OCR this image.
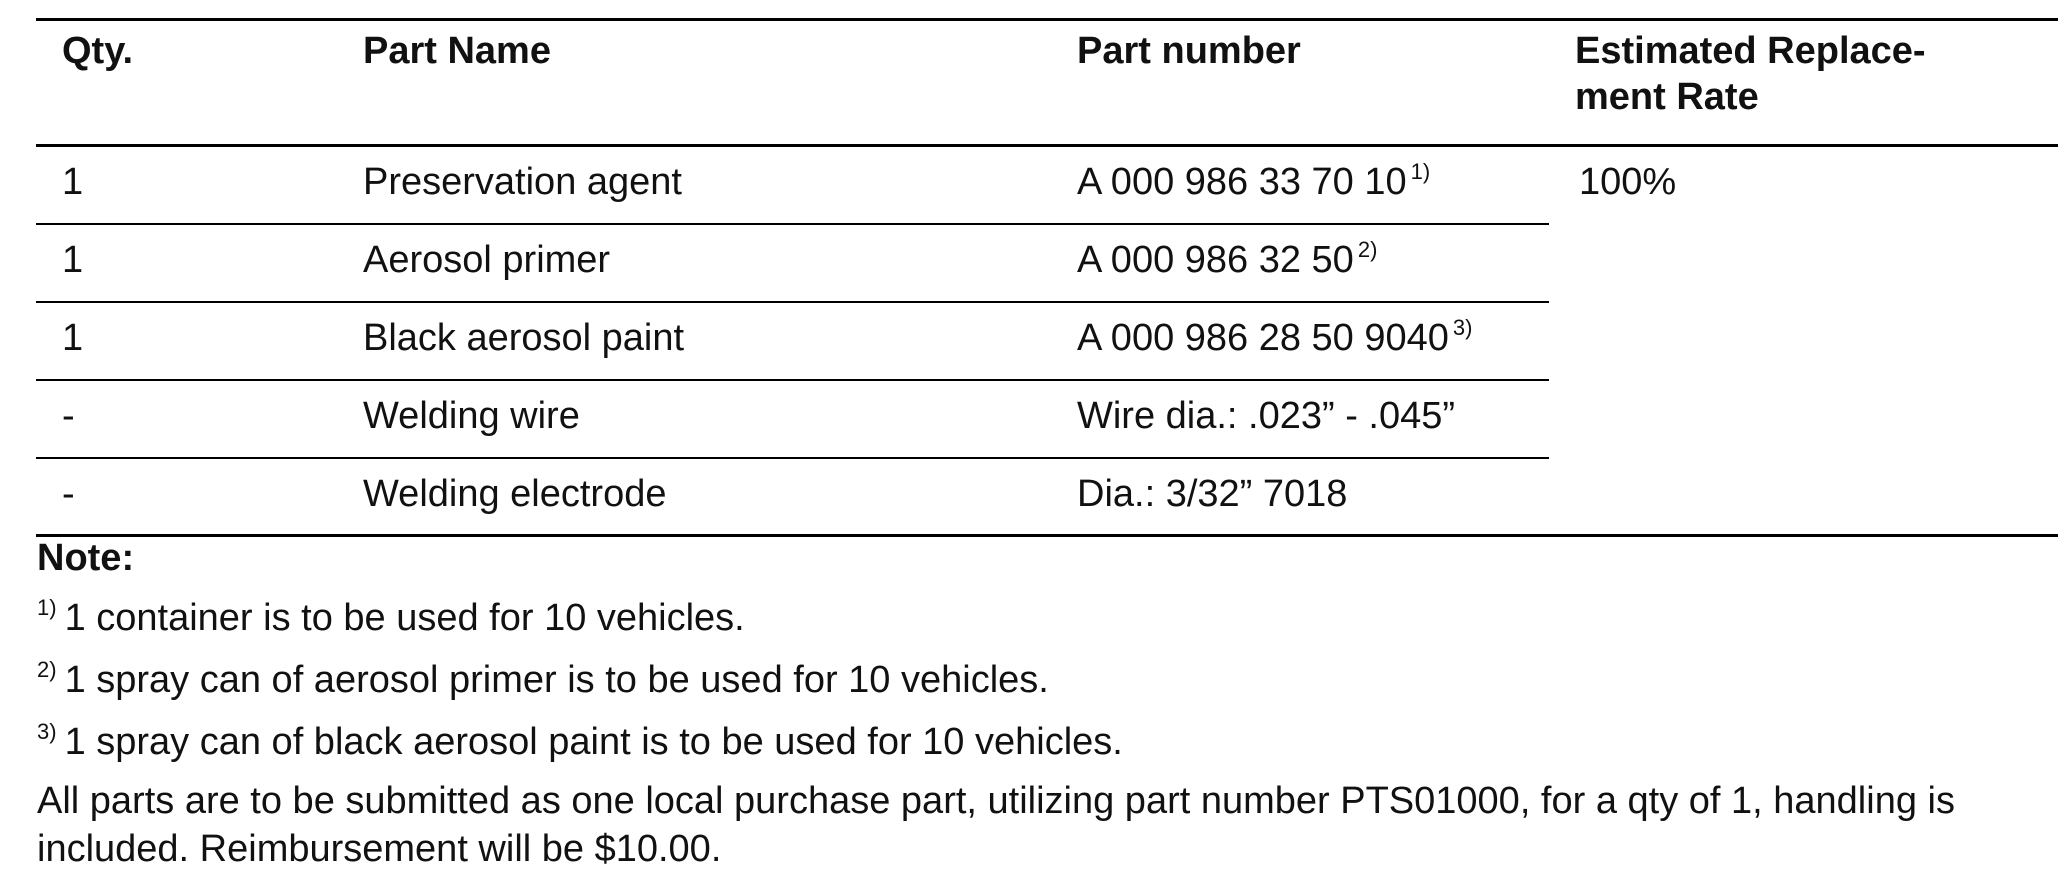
Qty.	Part Name	Part number	Estimated Replace-ment Rate
1	Preservation agent	A 000 986 33 70 10 $^{1)}$	100%
1	Aerosol primer	A 000 986 32 50 $^{2)}$
1	Black aerosol paint	A 000 986 28 50 9040 $^{3)}$
-	Welding wire	Wire dia.: .023” - .045”	
-	Welding electrode	Dia.: 3/32” 7018	
Note:
$^{1)}$ 1 container is to be used for 10 vehicles.
$^{2)}$ 1 spray can of aerosol primer is to be used for 10 vehicles.
$^{3)}$ 1 spray can of black aerosol paint is to be used for 10 vehicles.
All parts are to be submitted as one local purchase part, utilizing part number PTS01000, for a qty of 1, handling is included. Reimbursement will be $10.00.
